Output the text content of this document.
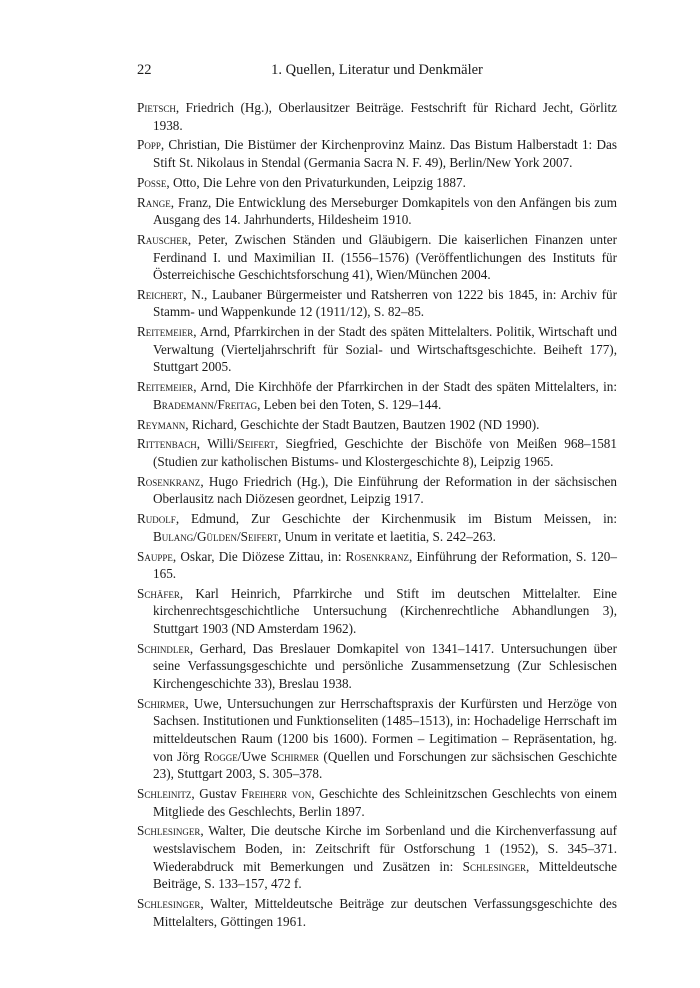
22	1. Quellen, Literatur und Denkmäler

Pietsch, Friedrich (Hg.), Oberlausitzer Beiträge. Festschrift für Richard Jecht, Görlitz 1938.

Popp, Christian, Die Bistümer der Kirchenprovinz Mainz. Das Bistum Halberstadt 1: Das Stift St. Nikolaus in Stendal (Germania Sacra N. F. 49), Berlin/New York 2007.

Posse, Otto, Die Lehre von den Privaturkunden, Leipzig 1887.

Range, Franz, Die Entwicklung des Merseburger Domkapitels von den Anfängen bis zum Ausgang des 14. Jahrhunderts, Hildesheim 1910.

Rauscher, Peter, Zwischen Ständen und Gläubigern. Die kaiserlichen Finanzen unter Ferdinand I. und Maximilian II. (1556–1576) (Veröffentlichungen des Instituts für Österreichische Geschichtsforschung 41), Wien/München 2004.

Reichert, N., Laubaner Bürgermeister und Ratsherren von 1222 bis 1845, in: Archiv für Stamm- und Wappenkunde 12 (1911/12), S. 82–85.

Reitemeier, Arnd, Pfarrkirchen in der Stadt des späten Mittelalters. Politik, Wirtschaft und Verwaltung (Vierteljahrschrift für Sozial- und Wirtschaftsgeschichte. Beiheft 177), Stuttgart 2005.

Reitemeier, Arnd, Die Kirchhöfe der Pfarrkirchen in der Stadt des späten Mittelalters, in: Brademann/Freitag, Leben bei den Toten, S. 129–144.

Reymann, Richard, Geschichte der Stadt Bautzen, Bautzen 1902 (ND 1990).

Rittenbach, Willi/Seifert, Siegfried, Geschichte der Bischöfe von Meißen 968–1581 (Studien zur katholischen Bistums- und Klostergeschichte 8), Leipzig 1965.

Rosenkranz, Hugo Friedrich (Hg.), Die Einführung der Reformation in der sächsischen Oberlausitz nach Diözesen geordnet, Leipzig 1917.

Rudolf, Edmund, Zur Geschichte der Kirchenmusik im Bistum Meissen, in: Bulang/Gülden/Seifert, Unum in veritate et laetitia, S. 242–263.

Sauppe, Oskar, Die Diözese Zittau, in: Rosenkranz, Einführung der Reformation, S. 120–165.

Schäfer, Karl Heinrich, Pfarrkirche und Stift im deutschen Mittelalter. Eine kirchenrechtsgeschichtliche Untersuchung (Kirchenrechtliche Abhandlungen 3), Stuttgart 1903 (ND Amsterdam 1962).

Schindler, Gerhard, Das Breslauer Domkapitel von 1341–1417. Untersuchungen über seine Verfassungsgeschichte und persönliche Zusammensetzung (Zur Schlesischen Kirchengeschichte 33), Breslau 1938.

Schirmer, Uwe, Untersuchungen zur Herrschaftspraxis der Kurfürsten und Herzöge von Sachsen. Institutionen und Funktionseliten (1485–1513), in: Hochadelige Herrschaft im mitteldeutschen Raum (1200 bis 1600). Formen – Legitimation – Repräsentation, hg. von Jörg Rogge/Uwe Schirmer (Quellen und Forschungen zur sächsischen Geschichte 23), Stuttgart 2003, S. 305–378.

Schleinitz, Gustav Freiherr von, Geschichte des Schleinitzschen Geschlechts von einem Mitgliede des Geschlechts, Berlin 1897.

Schlesinger, Walter, Die deutsche Kirche im Sorbenland und die Kirchenverfassung auf westslavischem Boden, in: Zeitschrift für Ostforschung 1 (1952), S. 345–371. Wiederabdruck mit Bemerkungen und Zusätzen in: Schlesinger, Mitteldeutsche Beiträge, S. 133–157, 472 f.

Schlesinger, Walter, Mitteldeutsche Beiträge zur deutschen Verfassungsgeschichte des Mittelalters, Göttingen 1961.
